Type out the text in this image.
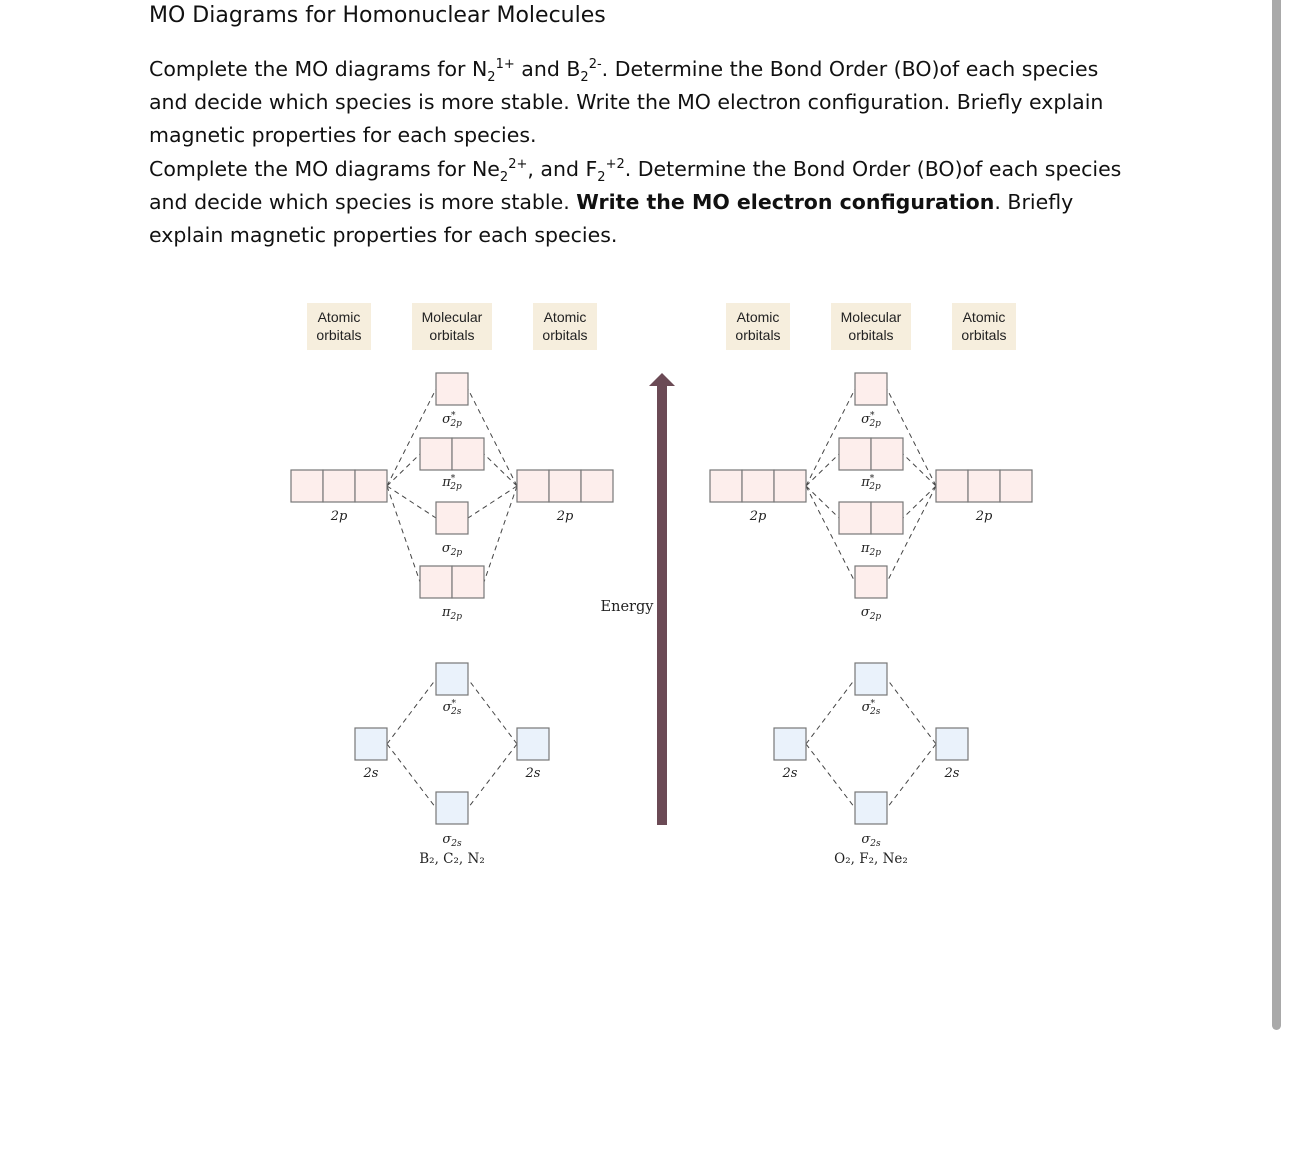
MO Diagrams for Homonuclear Molecules

Complete the MO diagrams for $N_2^{1+}$ and $B_2^{2-}$. Determine the Bond Order (BO)of each species and decide which species is more stable. Write the MO electron configuration. Briefly explain magnetic properties for each species.

Complete the MO diagrams for $Ne_2^{2+}$, and $F_2^{+2}$. Determine the Bond Order (BO)of each species and decide which species is more stable. Write the MO electron configuration. Briefly explain magnetic properties for each species.

Atomic
orbitals
Molecular
orbitals
Atomic
orbitals
2p	2p
σ* 2p
π* 2p
$\sigma_{2p}$
$\pi_{2p}$
σ* 2s
2s	2s
$\sigma_{2s}$
B₂, C₂, N₂
Energy
Atomic
orbitals
Molecular
orbitals
Atomic
orbitals
2p	2p
σ* 2p
π* 2p
$\pi_{2p}$
$\sigma_{2p}$
σ* 2s
2s	2s
$\sigma_{2s}$
O₂, F₂, Ne₂
